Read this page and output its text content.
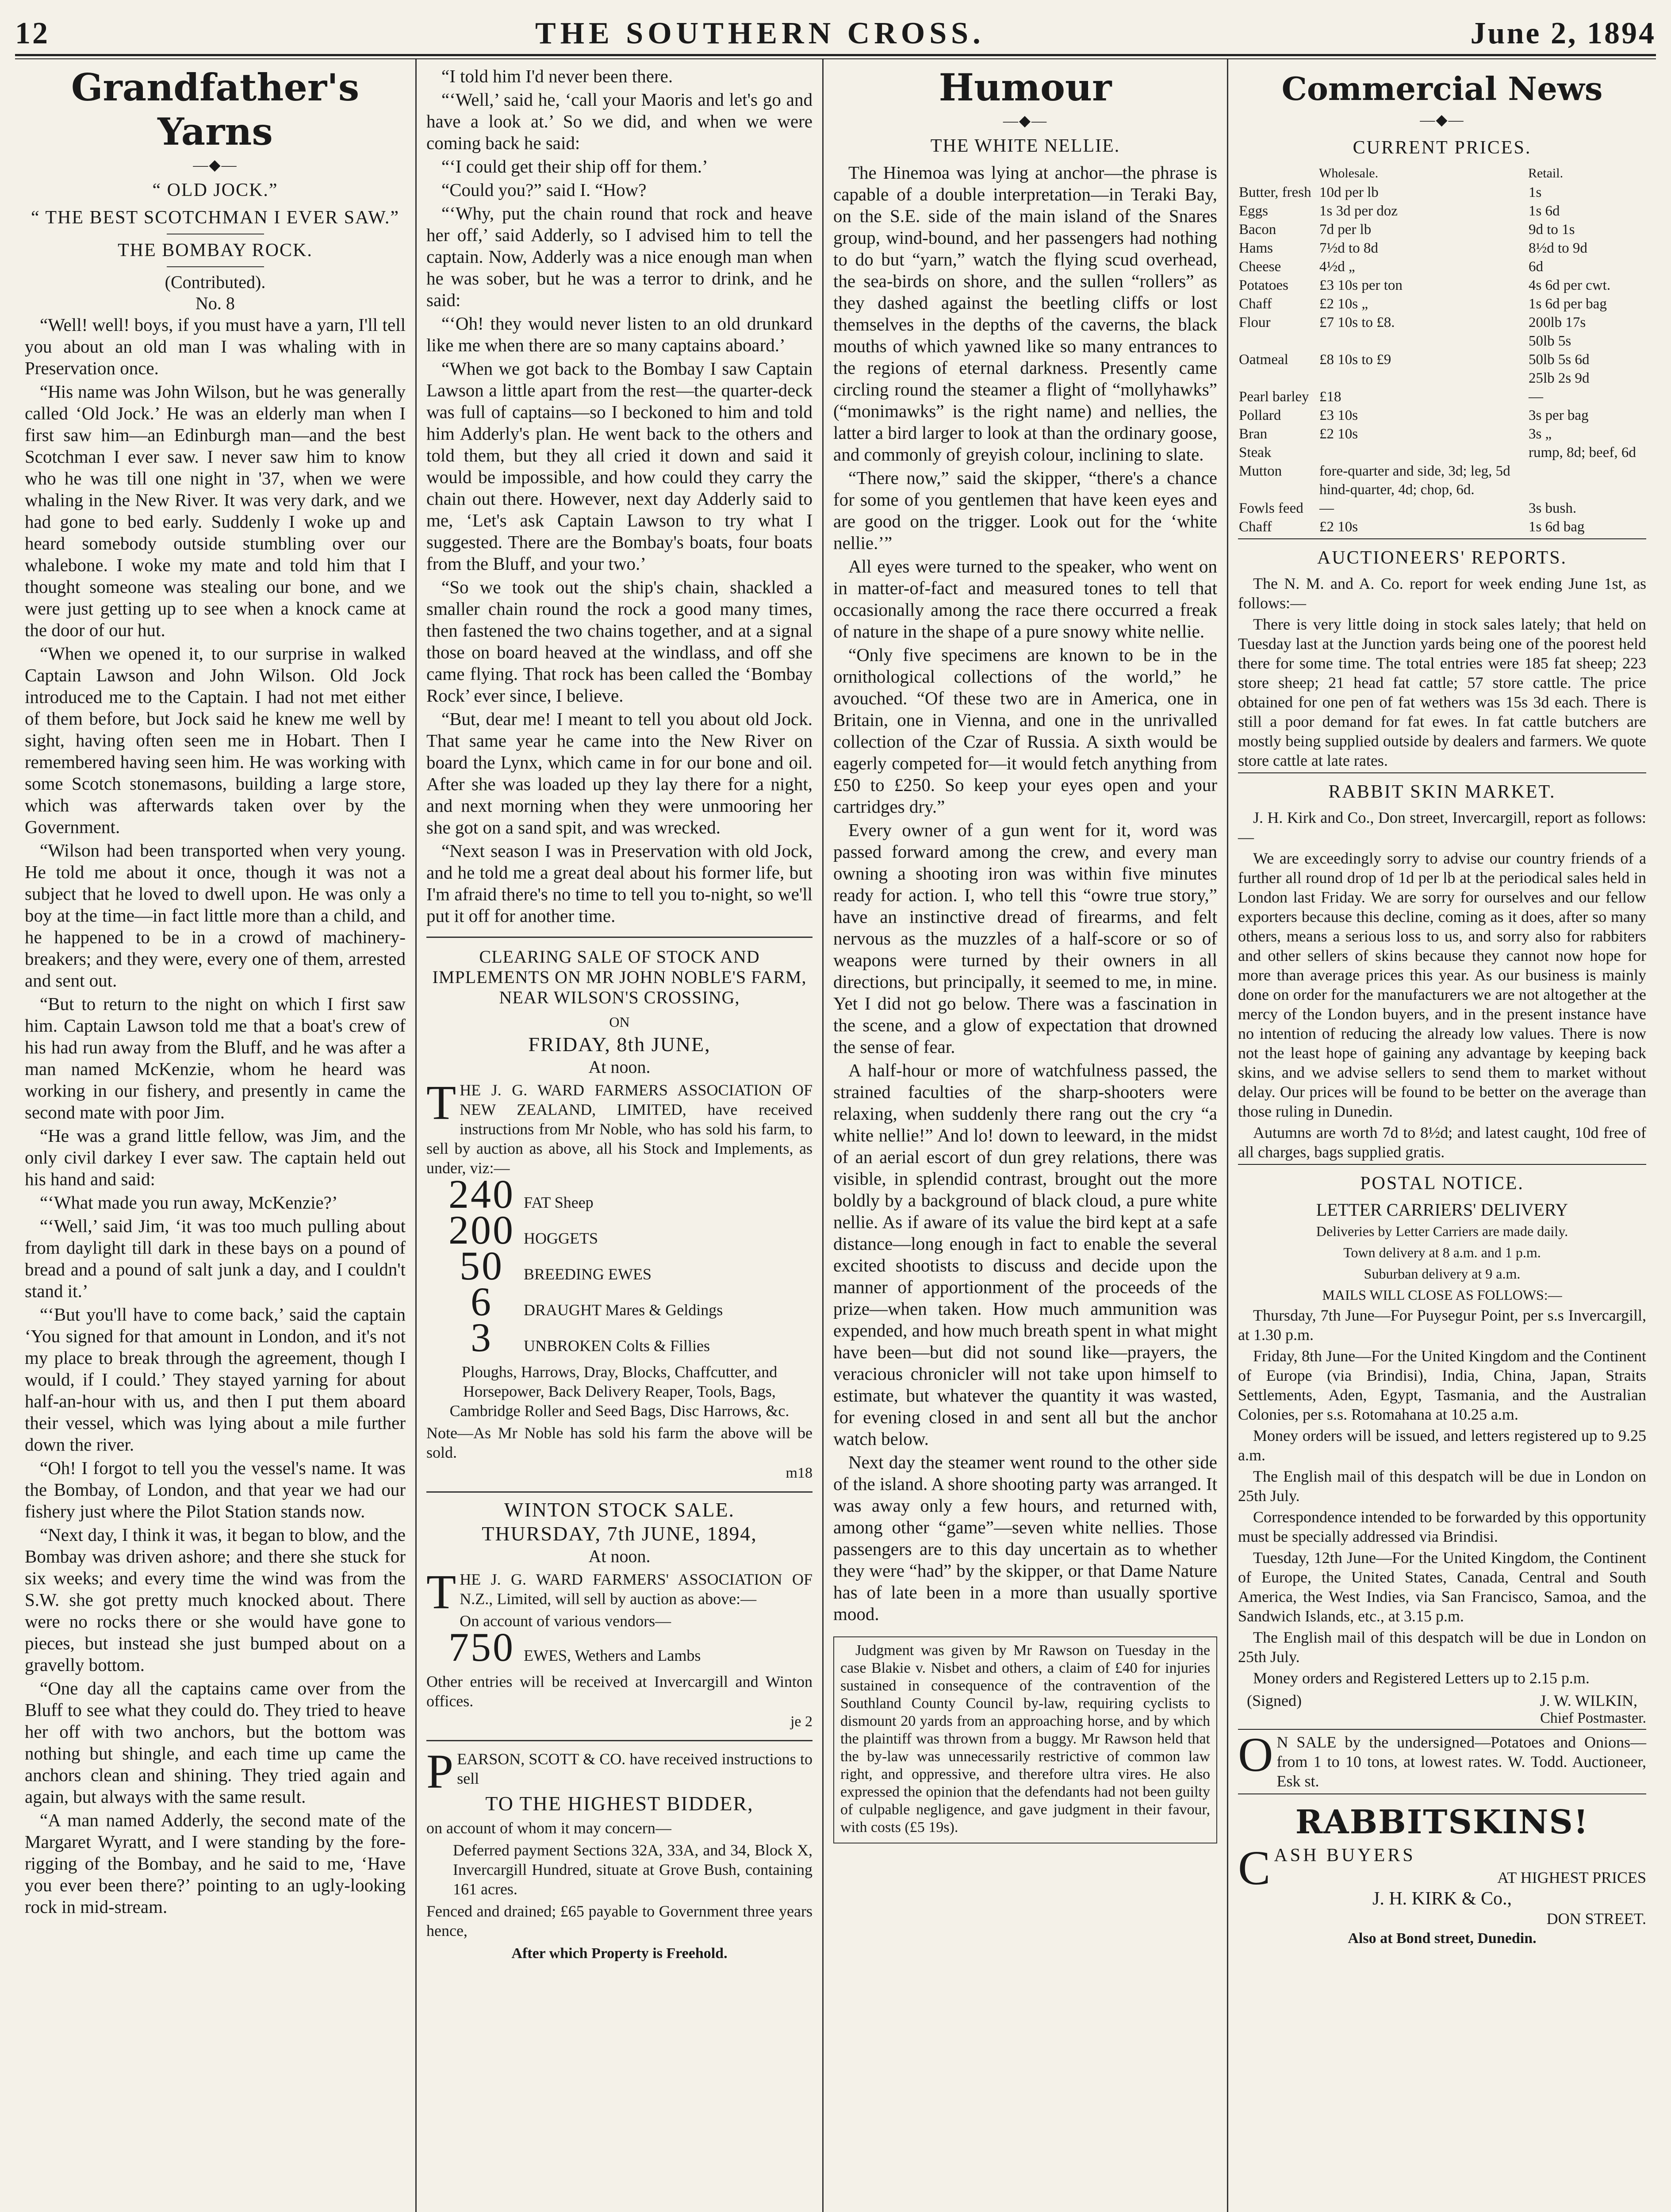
12	THE SOUTHERN CROSS.	June 2, 1894
Grandfather's Yarns
—◆—
“ OLD JOCK.”
“ THE BEST SCOTCHMAN I EVER SAW.”
THE BOMBAY ROCK.
(Contributed).
No. 8

“Well! well! boys, if you must have a yarn, I'll tell you about an old man I was whaling with in Preservation once.

“His name was John Wilson, but he was generally called ‘Old Jock.’ He was an elderly man when I first saw him—an Edinburgh man—and the best Scotchman I ever saw. I never saw him to know who he was till one night in '37, when we were whaling in the New River. It was very dark, and we had gone to bed early. Suddenly I woke up and heard somebody outside stumbling over our whalebone. I woke my mate and told him that I thought someone was stealing our bone, and we were just getting up to see when a knock came at the door of our hut.

“When we opened it, to our surprise in walked Captain Lawson and John Wilson. Old Jock introduced me to the Captain. I had not met either of them before, but Jock said he knew me well by sight, having often seen me in Hobart. Then I remembered having seen him. He was working with some Scotch stonemasons, building a large store, which was afterwards taken over by the Government.

“Wilson had been transported when very young. He told me about it once, though it was not a subject that he loved to dwell upon. He was only a boy at the time—in fact little more than a child, and he happened to be in a crowd of machinery-breakers; and they were, every one of them, arrested and sent out.

“But to return to the night on which I first saw him. Captain Lawson told me that a boat's crew of his had run away from the Bluff, and he was after a man named McKenzie, whom he heard was working in our fishery, and presently in came the second mate with poor Jim.

“He was a grand little fellow, was Jim, and the only civil darkey I ever saw. The captain held out his hand and said:

“‘What made you run away, McKenzie?’

“‘Well,’ said Jim, ‘it was too much pulling about from daylight till dark in these bays on a pound of bread and a pound of salt junk a day, and I couldn't stand it.’

“‘But you'll have to come back,’ said the captain ‘You signed for that amount in London, and it's not my place to break through the agreement, though I would, if I could.’ They stayed yarning for about half-an-hour with us, and then I put them aboard their vessel, which was lying about a mile further down the river.

“Oh! I forgot to tell you the vessel's name. It was the Bombay, of London, and that year we had our fishery just where the Pilot Station stands now.

“Next day, I think it was, it began to blow, and the Bombay was driven ashore; and there she stuck for six weeks; and every time the wind was from the S.W. she got pretty much knocked about. There were no rocks there or she would have gone to pieces, but instead she just bumped about on a gravelly bottom.

“One day all the captains came over from the Bluff to see what they could do. They tried to heave her off with two anchors, but the bottom was nothing but shingle, and each time up came the anchors clean and shining. They tried again and again, but always with the same result.

“A man named Adderly, the second mate of the Margaret Wyratt, and I were standing by the fore-rigging of the Bombay, and he said to me, ‘Have you ever been there?’ pointing to an ugly-looking rock in mid-stream.

“I told him I'd never been there.

“‘Well,’ said he, ‘call your Maoris and let's go and have a look at.’ So we did, and when we were coming back he said:

“‘I could get their ship off for them.’

“Could you?” said I. “How?

“‘Why, put the chain round that rock and heave her off,’ said Adderly, so I advised him to tell the captain. Now, Adderly was a nice enough man when he was sober, but he was a terror to drink, and he said:

“‘Oh! they would never listen to an old drunkard like me when there are so many captains aboard.’

“When we got back to the Bombay I saw Captain Lawson a little apart from the rest—the quarter-deck was full of captains—so I beckoned to him and told him Adderly's plan. He went back to the others and told them, but they all cried it down and said it would be impossible, and how could they carry the chain out there. However, next day Adderly said to me, ‘Let's ask Captain Lawson to try what I suggested. There are the Bombay's boats, four boats from the Bluff, and your two.’

“So we took out the ship's chain, shackled a smaller chain round the rock a good many times, then fastened the two chains together, and at a signal those on board heaved at the windlass, and off she came flying. That rock has been called the ‘Bombay Rock’ ever since, I believe.

“But, dear me! I meant to tell you about old Jock. That same year he came into the New River on board the Lynx, which came in for our bone and oil. After she was loaded up they lay there for a night, and next morning when they were unmooring her she got on a sand spit, and was wrecked.

“Next season I was in Preservation with old Jock, and he told me a great deal about his former life, but I'm afraid there's no time to tell you to-night, so we'll put it off for another time.

CLEARING SALE OF STOCK AND IMPLEMENTS ON MR JOHN NOBLE'S FARM, NEAR WILSON'S CROSSING,
ON
FRIDAY, 8th JUNE,
At noon.
THE J. G. WARD FARMERS ASSOCIATION OF NEW ZEALAND, LIMITED, have received instructions from Mr Noble, who has sold his farm, to sell by auction as above, all his Stock and Implements, as under, viz:—
240 FAT Sheep
200 HOGGETS
50	BREEDING EWES
6	DRAUGHT Mares & Geldings
3	UNBROKEN Colts & Fillies
Ploughs, Harrows, Dray, Blocks, Chaffcutter, and Horsepower, Back Delivery Reaper, Tools, Bags, Cambridge Roller and Seed Bags, Disc Harrows, &c.
Note—As Mr Noble has sold his farm the above will be sold.
m18
WINTON STOCK SALE.
THURSDAY, 7th JUNE, 1894,
At noon.
THE J. G. WARD FARMERS' ASSOCIATION OF N.Z., Limited, will sell by auction as above:—
On account of various vendors—
750 EWES, Wethers and Lambs
Other entries will be received at Invercargill and Winton offices.
je 2
PEARSON, SCOTT & CO. have received instructions to sell
TO THE HIGHEST BIDDER,
on account of whom it may concern—
Deferred payment Sections 32A, 33A, and 34, Block X, Invercargill Hundred, situate at Grove Bush, containing 161 acres.
Fenced and drained; £65 payable to Government three years hence,
After which Property is Freehold.
Humour
—◆—
THE WHITE NELLIE.

The Hinemoa was lying at anchor—the phrase is capable of a double interpretation—in Teraki Bay, on the S.E. side of the main island of the Snares group, wind-bound, and her passengers had nothing to do but “yarn,” watch the flying scud overhead, the sea-birds on shore, and the sullen “rollers” as they dashed against the beetling cliffs or lost themselves in the depths of the caverns, the black mouths of which yawned like so many entrances to the regions of eternal darkness. Presently came circling round the steamer a flight of “mollyhawks” (“monimawks” is the right name) and nellies, the latter a bird larger to look at than the ordinary goose, and commonly of greyish colour, inclining to slate.

“There now,” said the skipper, “there's a chance for some of you gentlemen that have keen eyes and are good on the trigger. Look out for the ‘white nellie.’”

All eyes were turned to the speaker, who went on in matter-of-fact and measured tones to tell that occasionally among the race there occurred a freak of nature in the shape of a pure snowy white nellie.

“Only five specimens are known to be in the ornithological collections of the world,” he avouched. “Of these two are in America, one in Britain, one in Vienna, and one in the unrivalled collection of the Czar of Russia. A sixth would be eagerly competed for—it would fetch anything from £50 to £250. So keep your eyes open and your cartridges dry.”

Every owner of a gun went for it, word was passed forward among the crew, and every man owning a shooting iron was within five minutes ready for action. I, who tell this “owre true story,” have an instinctive dread of firearms, and felt nervous as the muzzles of a half-score or so of weapons were turned by their owners in all directions, but principally, it seemed to me, in mine. Yet I did not go below. There was a fascination in the scene, and a glow of expectation that drowned the sense of fear.

A half-hour or more of watchfulness passed, the strained faculties of the sharp-shooters were relaxing, when suddenly there rang out the cry “a white nellie!” And lo! down to leeward, in the midst of an aerial escort of dun grey relations, there was visible, in splendid contrast, brought out the more boldly by a background of black cloud, a pure white nellie. As if aware of its value the bird kept at a safe distance—long enough in fact to enable the several excited shootists to discuss and decide upon the manner of apportionment of the proceeds of the prize—when taken. How much ammunition was expended, and how much breath spent in what might have been—but did not sound like—prayers, the veracious chronicler will not take upon himself to estimate, but whatever the quantity it was wasted, for evening closed in and sent all but the anchor watch below.

Next day the steamer went round to the other side of the island. A shore shooting party was arranged. It was away only a few hours, and returned with, among other “game”—seven white nellies. Those passengers are to this day uncertain as to whether they were “had” by the skipper, or that Dame Nature has of late been in a more than usually sportive mood.

Judgment was given by Mr Rawson on Tuesday in the case Blakie v. Nisbet and others, a claim of £40 for injuries sustained in consequence of the contravention of the Southland County Council by-law, requiring cyclists to dismount 20 yards from an approaching horse, and by which the plaintiff was thrown from a buggy. Mr Rawson held that the by-law was unnecessarily restrictive of common law right, and oppressive, and therefore ultra vires. He also expressed the opinion that the defendants had not been guilty of culpable negligence, and gave judgment in their favour, with costs (£5 19s).

Commercial News
—◆—
CURRENT PRICES.
	Wholesale.	Retail.
Butter, fresh	10d per lb	1s
Eggs	1s 3d per doz	1s 6d
Bacon	7d per lb	9d to 1s
Hams	7½d to 8d	8½d to 9d
Cheese	4½d „	6d
Potatoes	£3 10s per ton	4s 6d per cwt.
Chaff	£2 10s „	1s 6d per bag
Flour	£7 10s to £8.	200lb 17s
		50lb 5s
Oatmeal	£8 10s to £9	50lb 5s 6d
		25lb 2s 9d
Pearl barley	£18	—
Pollard	£3 10s	3s per bag
Bran	£2 10s	3s „
Steak		rump, 8d; beef, 6d
Mutton	fore-quarter and side, 3d; leg, 5d	
	hind-quarter, 4d; chop, 6d.	
Fowls feed	—	3s bush.
Chaff	£2 10s	1s 6d bag
AUCTIONEERS' REPORTS.

The N. M. and A. Co. report for week ending June 1st, as follows:—

There is very little doing in stock sales lately; that held on Tuesday last at the Junction yards being one of the poorest held there for some time. The total entries were 185 fat sheep; 223 store sheep; 21 head fat cattle; 57 store cattle. The price obtained for one pen of fat wethers was 15s 3d each. There is still a poor demand for fat ewes. In fat cattle butchers are mostly being supplied outside by dealers and farmers. We quote store cattle at late rates.

RABBIT SKIN MARKET.

J. H. Kirk and Co., Don street, Invercargill, report as follows:—

We are exceedingly sorry to advise our country friends of a further all round drop of 1d per lb at the periodical sales held in London last Friday. We are sorry for ourselves and our fellow exporters because this decline, coming as it does, after so many others, means a serious loss to us, and sorry also for rabbiters and other sellers of skins because they cannot now hope for more than average prices this year. As our business is mainly done on order for the manufacturers we are not altogether at the mercy of the London buyers, and in the present instance have no intention of reducing the already low values. There is now not the least hope of gaining any advantage by keeping back skins, and we advise sellers to send them to market without delay. Our prices will be found to be better on the average than those ruling in Dunedin.

Autumns are worth 7d to 8½d; and latest caught, 10d free of all charges, bags supplied gratis.

POSTAL NOTICE.
LETTER CARRIERS' DELIVERY
Deliveries by Letter Carriers are made daily.
Town delivery at 8 a.m. and 1 p.m.
Suburban delivery at 9 a.m.
MAILS WILL CLOSE AS FOLLOWS:—

Thursday, 7th June—For Puysegur Point, per s.s Invercargill, at 1.30 p.m.

Friday, 8th June—For the United Kingdom and the Continent of Europe (via Brindisi), India, China, Japan, Straits Settlements, Aden, Egypt, Tasmania, and the Australian Colonies, per s.s. Rotomahana at 10.25 a.m.

Money orders will be issued, and letters registered up to 9.25 a.m.

The English mail of this despatch will be due in London on 25th July.

Correspondence intended to be forwarded by this opportunity must be specially addressed via Brindisi.

Tuesday, 12th June—For the United Kingdom, the Continent of Europe, the United States, Canada, Central and South America, the West Indies, via San Francisco, Samoa, and the Sandwich Islands, etc., at 3.15 p.m.

The English mail of this despatch will be due in London on 25th July.

Money orders and Registered Letters up to 2.15 p.m.

(Signed)	J. W. WILKIN,
Chief Postmaster.
O N SALE by the undersigned—Potatoes and Onions—from 1 to 10 tons, at lowest rates. W. Todd. Auctioneer, Esk st.
RABBITSKINS!
CASH BUYERS
AT HIGHEST PRICES
J. H. KIRK & Co.,
DON STREET.
Also at Bond street, Dunedin.
